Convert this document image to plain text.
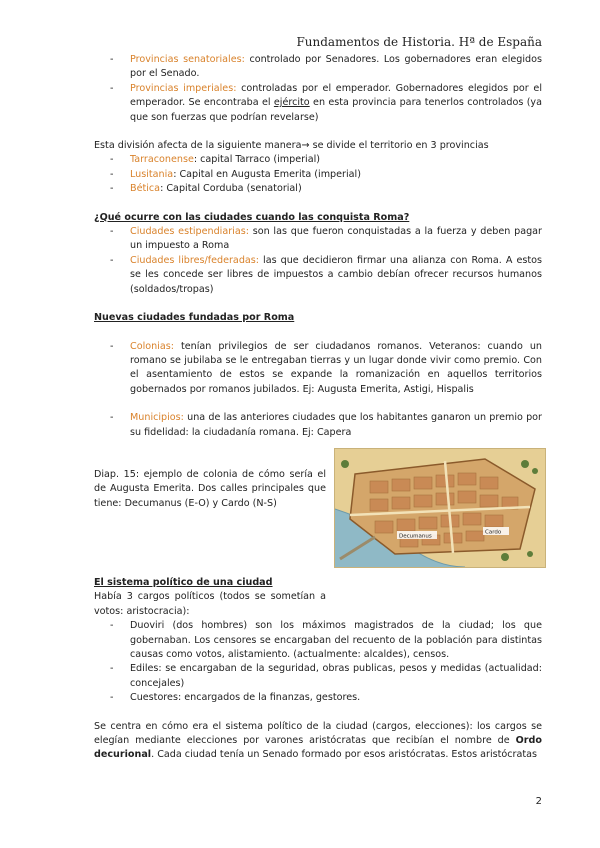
Fundamentos de Historia. Hª de España
- Provincias senatoriales: controlado por Senadores. Los gobernadores eran elegidos por el Senado.
- Provincias imperiales: controladas por el emperador. Gobernadores elegidos por el emperador. Se encontraba el ejército en esta provincia para tenerlos controlados (ya que son fuerzas que podrían revelarse)

Esta división afecta de la siguiente manera→ se divide el territorio en 3 provincias

- Tarraconense: capital Tarraco (imperial)
- Lusitania: Capital en Augusta Emerita (imperial)
- Bética: Capital Corduba (senatorial)

¿Qué ocurre con las ciudades cuando las conquista Roma?

- Ciudades estipendiarias: son las que fueron conquistadas a la fuerza y deben pagar un impuesto a Roma
- Ciudades libres/federadas: las que decidieron firmar una alianza con Roma. A estos se les concede ser libres de impuestos a cambio debían ofrecer recursos humanos (soldados/tropas)

Nuevas ciudades fundadas por Roma

- Colonias: tenían privilegios de ser ciudadanos romanos. Veteranos: cuando un romano se jubilaba se le entregaban tierras y un lugar donde vivir como premio. Con el asentamiento de estos se expande la romanización en aquellos territorios gobernados por romanos jubilados. Ej: Augusta Emerita, Astigi, Hispalis
- Municipios: una de las anteriores ciudades que los habitantes ganaron un premio por su fidelidad: la ciudadanía romana. Ej: Capera

Diap. 15: ejemplo de colonia de cómo sería el de Augusta Emerita. Dos calles principales que tiene: Decumanus (E-O) y Cardo (N-S)

Decumanus
Cardo

El sistema político de una ciudad

Había 3 cargos políticos (todos se sometían a votos: aristocracia):

- Duoviri (dos hombres) son los máximos magistrados de la ciudad; los que gobernaban. Los censores se encargaban del recuento de la población para distintas causas como votos, alistamiento. (actualmente: alcaldes), censos.
- Ediles: se encargaban de la seguridad, obras publicas, pesos y medidas (actualidad: concejales)
- Cuestores: encargados de la finanzas, gestores.

Se centra en cómo era el sistema político de la ciudad (cargos, elecciones): los cargos se elegían mediante elecciones por varones aristócratas que recibían el nombre de Ordo decurional. Cada ciudad tenía un Senado formado por esos aristócratas. Estos aristócratas

2
